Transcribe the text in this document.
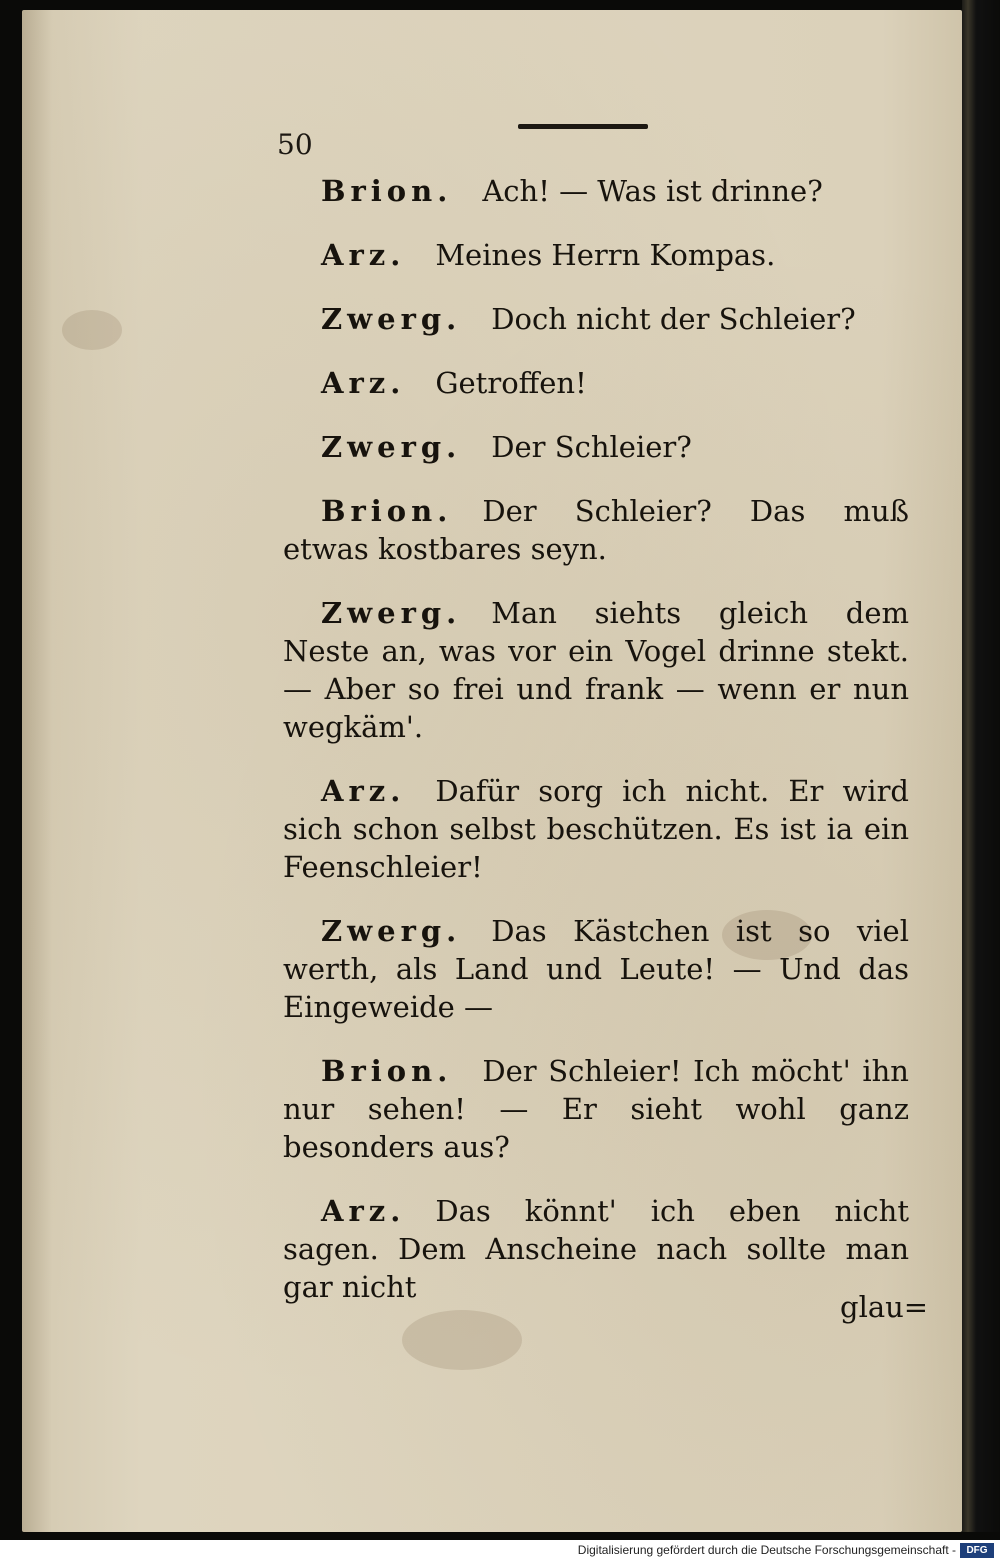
50

Brion. Ach! — Was ist drinne?

Arz. Meines Herrn Kompas.

Zwerg. Doch nicht der Schleier?

Arz. Getroffen!

Zwerg. Der Schleier?

Brion. Der Schleier? Das muß etwas kostbares seyn.

Zwerg. Man siehts gleich dem Neste an, was vor ein Vogel drinne stekt. — Aber so frei und frank — wenn er nun wegkäm'.

Arz. Dafür sorg ich nicht. Er wird sich schon selbst beschützen. Es ist ia ein Feenschleier!

Zwerg. Das Kästchen ist so viel werth, als Land und Leute! — Und das Eingeweide —

Brion. Der Schleier! Ich möcht' ihn nur sehen! — Er sieht wohl ganz besonders aus?

Arz. Das könnt' ich eben nicht sagen. Dem Anscheine nach sollte man gar nicht

glau=
Digitalisierung gefördert durch die Deutsche Forschungsgemeinschaft -	DFG
